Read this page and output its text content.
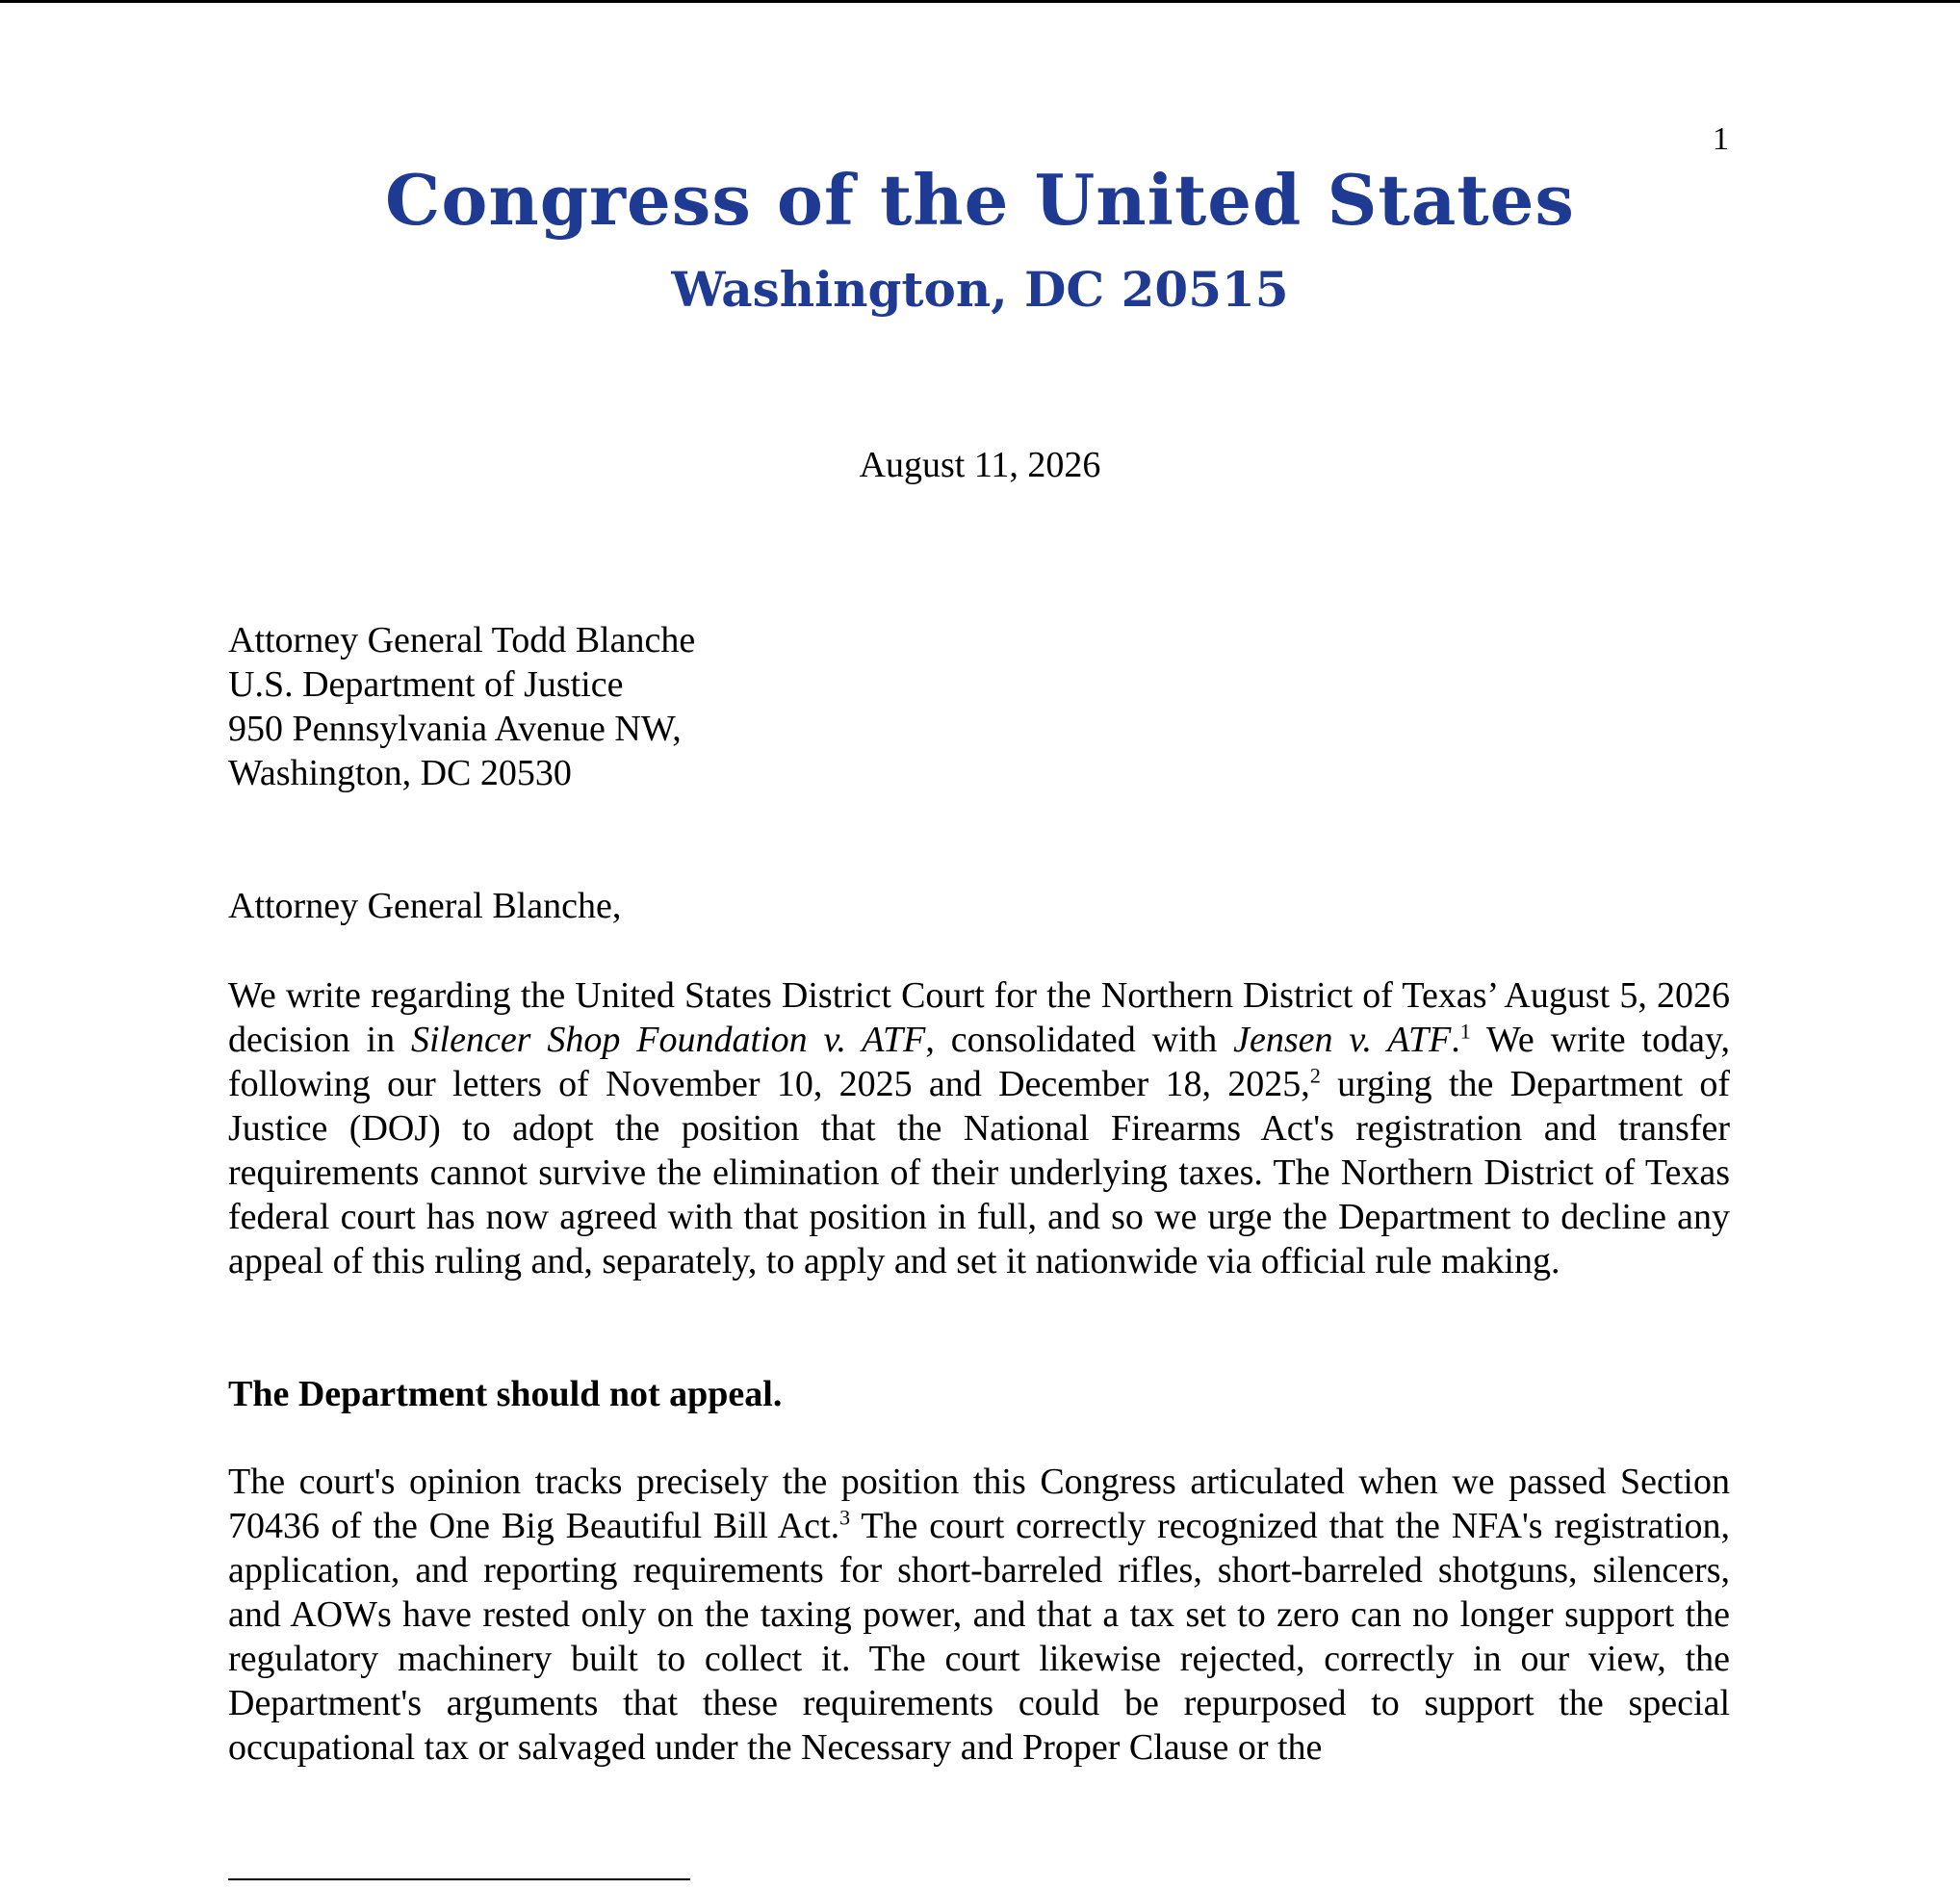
1
Congress of the United States
Washington, DC 20515
August 11, 2026
Attorney General Todd Blanche
U.S. Department of Justice
950 Pennsylvania Avenue NW,
Washington, DC 20530
Attorney General Blanche,

We write regarding the United States District Court for the Northern District of Texas’ August 5, 2026 decision in Silencer Shop Foundation v. ATF, consolidated with Jensen v. ATF.$^1$ We write today, following our letters of November 10, 2025 and December 18, 2025,$^2$ urging the Department of Justice (DOJ) to adopt the position that the National Firearms Act's registration and transfer requirements cannot survive the elimination of their underlying taxes. The Northern District of Texas federal court has now agreed with that position in full, and so we urge the Department to decline any appeal of this ruling and, separately, to apply and set it nationwide via official rule making.

The Department should not appeal.

The court's opinion tracks precisely the position this Congress articulated when we passed Section 70436 of the One Big Beautiful Bill Act.$^3$ The court correctly recognized that the NFA's registration, application, and reporting requirements for short-barreled rifles, short-barreled shotguns, silencers, and AOWs have rested only on the taxing power, and that a tax set to zero can no longer support the regulatory machinery built to collect it. The court likewise rejected, correctly in our view, the Department's arguments that these requirements could be repurposed to support the special occupational tax or salvaged under the Necessary and Proper Clause or the
